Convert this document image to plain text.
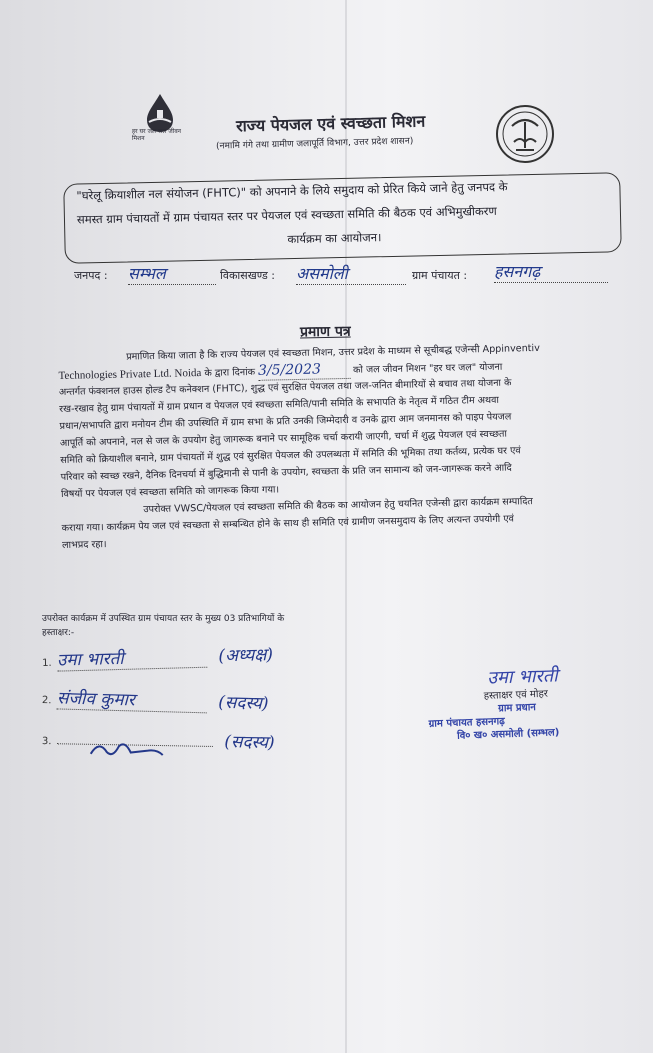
हर घर जल जल जीवन मिशन
राज्य पेयजल एवं स्वच्छता मिशन
(नमामि गंगे तथा ग्रामीण जलापूर्ति विभाग, उत्तर प्रदेश शासन)
"घरेलू क्रियाशील नल संयोजन (FHTC)" को अपनाने के लिये समुदाय को प्रेरित किये जाने हेतु जनपद के
समस्त ग्राम पंचायतों में ग्राम पंचायत स्तर पर पेयजल एवं स्वच्छता समिति की बैठक एवं अभिमुखीकरण
कार्यक्रम का आयोजन।
जनपद : सम्भल	विकासखण्ड : असमोली	ग्राम पंचायत : हसनगढ़
प्रमाण पत्र
प्रमाणित किया जाता है कि राज्य पेयजल एवं स्वच्छता मिशन, उत्तर प्रदेश के माध्यम से सूचीबद्ध एजेन्सी Appinventiv
Technologies Private Ltd. Noida के द्वारा दिनांक 3/5/2023	को जल जीवन मिशन "हर घर जल" योजना
अन्तर्गत फंक्शनल हाउस होल्ड टैप कनेक्शन (FHTC), शुद्ध एवं सुरक्षित पेयजल तथा जल-जनित बीमारियों से बचाव तथा योजना के
रख-रखाव हेतु ग्राम पंचायतों में ग्राम प्रधान व पेयजल एवं स्वच्छता समिति/पानी समिति के सभापति के नेतृत्व में गठित टीम अथवा
प्रधान/सभापति द्वारा मनोयन टीम की उपस्थिति में ग्राम सभा के प्रति उनकी जिम्मेदारी व उनके द्वारा आम जनमानस को पाइप पेयजल
आपूर्ति को अपनाने, नल से जल के उपयोग हेतु जागरूक बनाने पर सामूहिक चर्चा करायी जाएगी, चर्चा में शुद्ध पेयजल एवं स्वच्छता
समिति को क्रियाशील बनाने, ग्राम पंचायतों में शुद्ध एवं सुरक्षित पेयजल की उपलब्धता में समिति की भूमिका तथा कर्तव्य, प्रत्येक घर एवं
परिवार को स्वच्छ रखने, दैनिक दिनचर्या में बुद्धिमानी से पानी के उपयोग, स्वच्छता के प्रति जन सामान्य को जन-जागरूक करने आदि
विषयों पर पेयजल एवं स्वच्छता समिति को जागरूक किया गया।
उपरोक्त VWSC/पेयजल एवं स्वच्छता समिति की बैठक का आयोजन हेतु चयनित एजेन्सी द्वारा कार्यक्रम सम्पादित
कराया गया। कार्यक्रम पेय जल एवं स्वच्छता से सम्बन्धित होने के साथ ही समिति एवं ग्रामीण जनसमुदाय के लिए अत्यन्त उपयोगी एवं
लाभप्रद रहा।
उपरोक्त कार्यक्रम में उपस्थित ग्राम पंचायत स्तर के मुख्य 03 प्रतिभागियों के
हस्ताक्षर:-
1. उमा भारती	(अध्यक्ष)
2. संजीव कुमार	(सदस्य)
3.	(सदस्य)
उमा भारती
हस्ताक्षर एवं मोहर
ग्राम प्रधान
ग्राम पंचायत हसनगढ़
वि० ख० असमोली (सम्भल)
